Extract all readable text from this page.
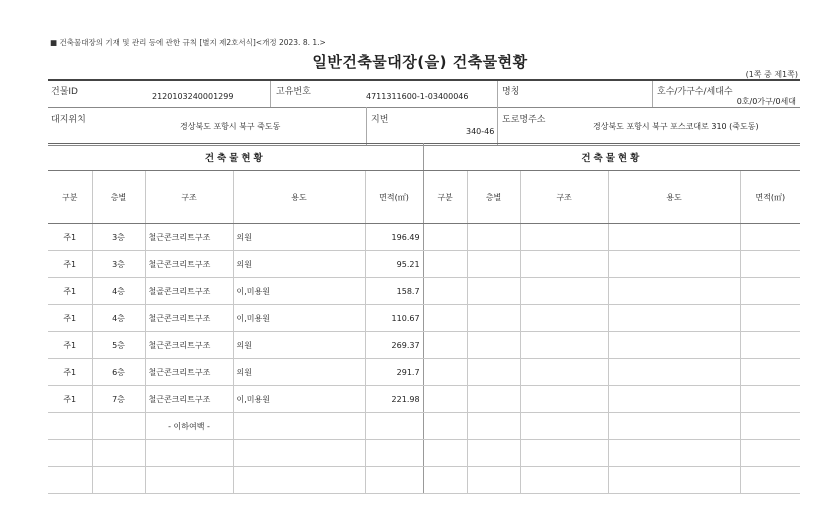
■ 건축물대장의 기재 및 관리 등에 관한 규칙 [별지 제2호서식]<개정 2023. 8. 1.>
일반건축물대장(을) 건축물현황
(1쪽 중 제1쪽)
건물ID	2120103240001299	고유번호	4711311600-1-03400046	명칭	호수/가구수/세대수
0호/0가구/0세대
대지위치
경상북도 포항시 북구 죽도동
지번
340-46
도로명주소
경상북도 포항시 북구 포스코대로 310 (죽도동)
건축물현황					건축물현황				
구분	층별	구조	용도	면적(㎡)	구분	층별	구조	용도	면적(㎡)
주1	3층	철근콘크리트구조	의원	196.49					
주1	3층	철근콘크리트구조	의원	95.21					
주1	4층	철골콘크리트구조	이,미용원	158.7					
주1	4층	철근콘크리트구조	이,미용원	110.67					
주1	5층	철근콘크리트구조	의원	269.37					
주1	6층	철근콘크리트구조	의원	291.7					
주1	7층	철근콘크리트구조	이,미용원	221.98					
		- 이하여백 -							
